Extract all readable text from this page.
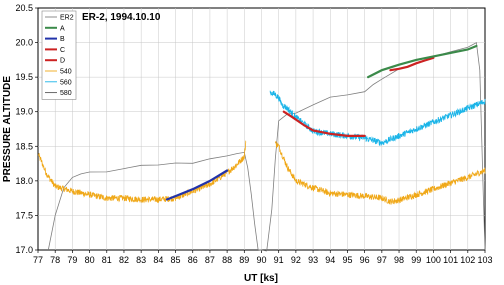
77 78 79 80 81 82 83 84 85 86 87 88 89 90 91 92 93 94 95 96 97 98 99 100 101 102 103
17.0
17.5
18.0
18.5
19.0
19.5
20.0
20.5
ER-2, 1994.10.10
UT [ks]
PRESSURE ALTITUDE
ER2
A
B
C
D
540
560
580
